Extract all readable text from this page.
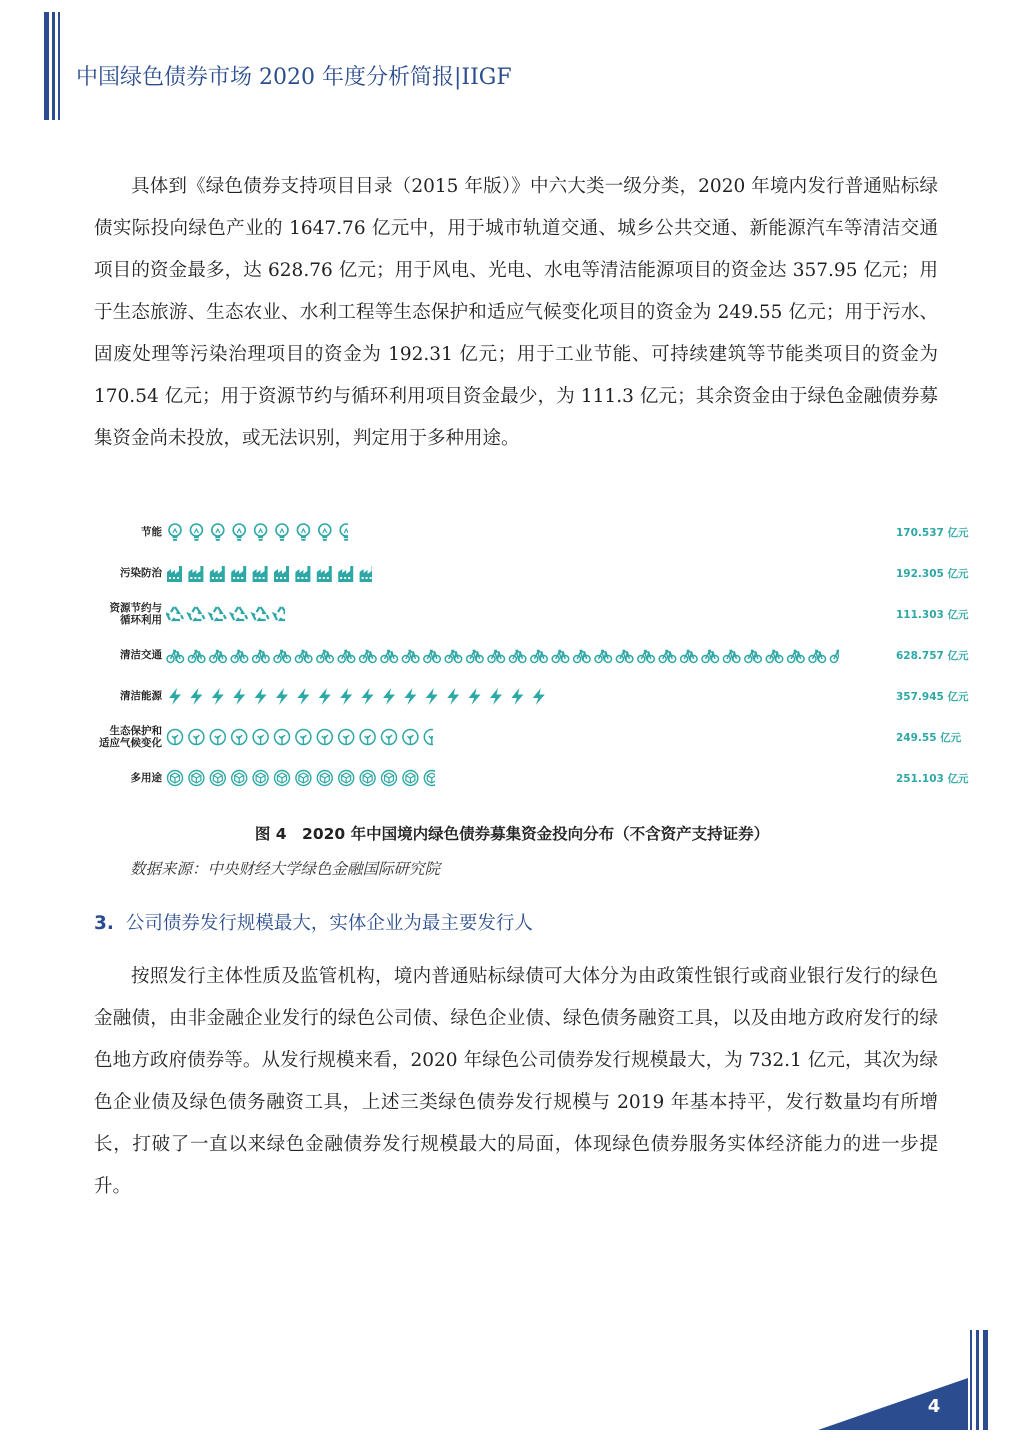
中国绿色债券市场 2020 年度分析简报|IIGF
具体到《绿色债券支持项目目录（2015 年版）》中六大类一级分类，2020 年境内发行普通贴标绿债实际投向绿色产业的 1647.76 亿元中，用于城市轨道交通、城乡公共交通、新能源汽车等清洁交通项目的资金最多，达 628.76 亿元；用于风电、光电、水电等清洁能源项目的资金达 357.95 亿元；用于生态旅游、生态农业、水利工程等生态保护和适应气候变化项目的资金为 249.55 亿元；用于污水、固废处理等污染治理项目的资金为 192.31 亿元；用于工业节能、可持续建筑等节能类项目的资金为 170.54 亿元；用于资源节约与循环利用项目资金最少，为 111.3 亿元；其余资金由于绿色金融债券募集资金尚未投放，或无法识别，判定用于多种用途。
节能	170.537 亿元
污染防治	192.305 亿元
资源节约与
循环利用	111.303 亿元
清洁交通	628.757 亿元
清洁能源	357.945 亿元
生态保护和
适应气候变化	249.55 亿元
多用途	251.103 亿元
图 4　2020 年中国境内绿色债券募集资金投向分布（不含资产支持证券）
数据来源：中央财经大学绿色金融国际研究院
3. 公司债券发行规模最大，实体企业为最主要发行人
按照发行主体性质及监管机构，境内普通贴标绿债可大体分为由政策性银行或商业银行发行的绿色金融债，由非金融企业发行的绿色公司债、绿色企业债、绿色债务融资工具，以及由地方政府发行的绿色地方政府债券等。从发行规模来看，2020 年绿色公司债券发行规模最大，为 732.1 亿元，其次为绿色企业债及绿色债务融资工具，上述三类绿色债券发行规模与 2019 年基本持平，发行数量均有所增长，打破了一直以来绿色金融债券发行规模最大的局面，体现绿色债券服务实体经济能力的进一步提升。
4
